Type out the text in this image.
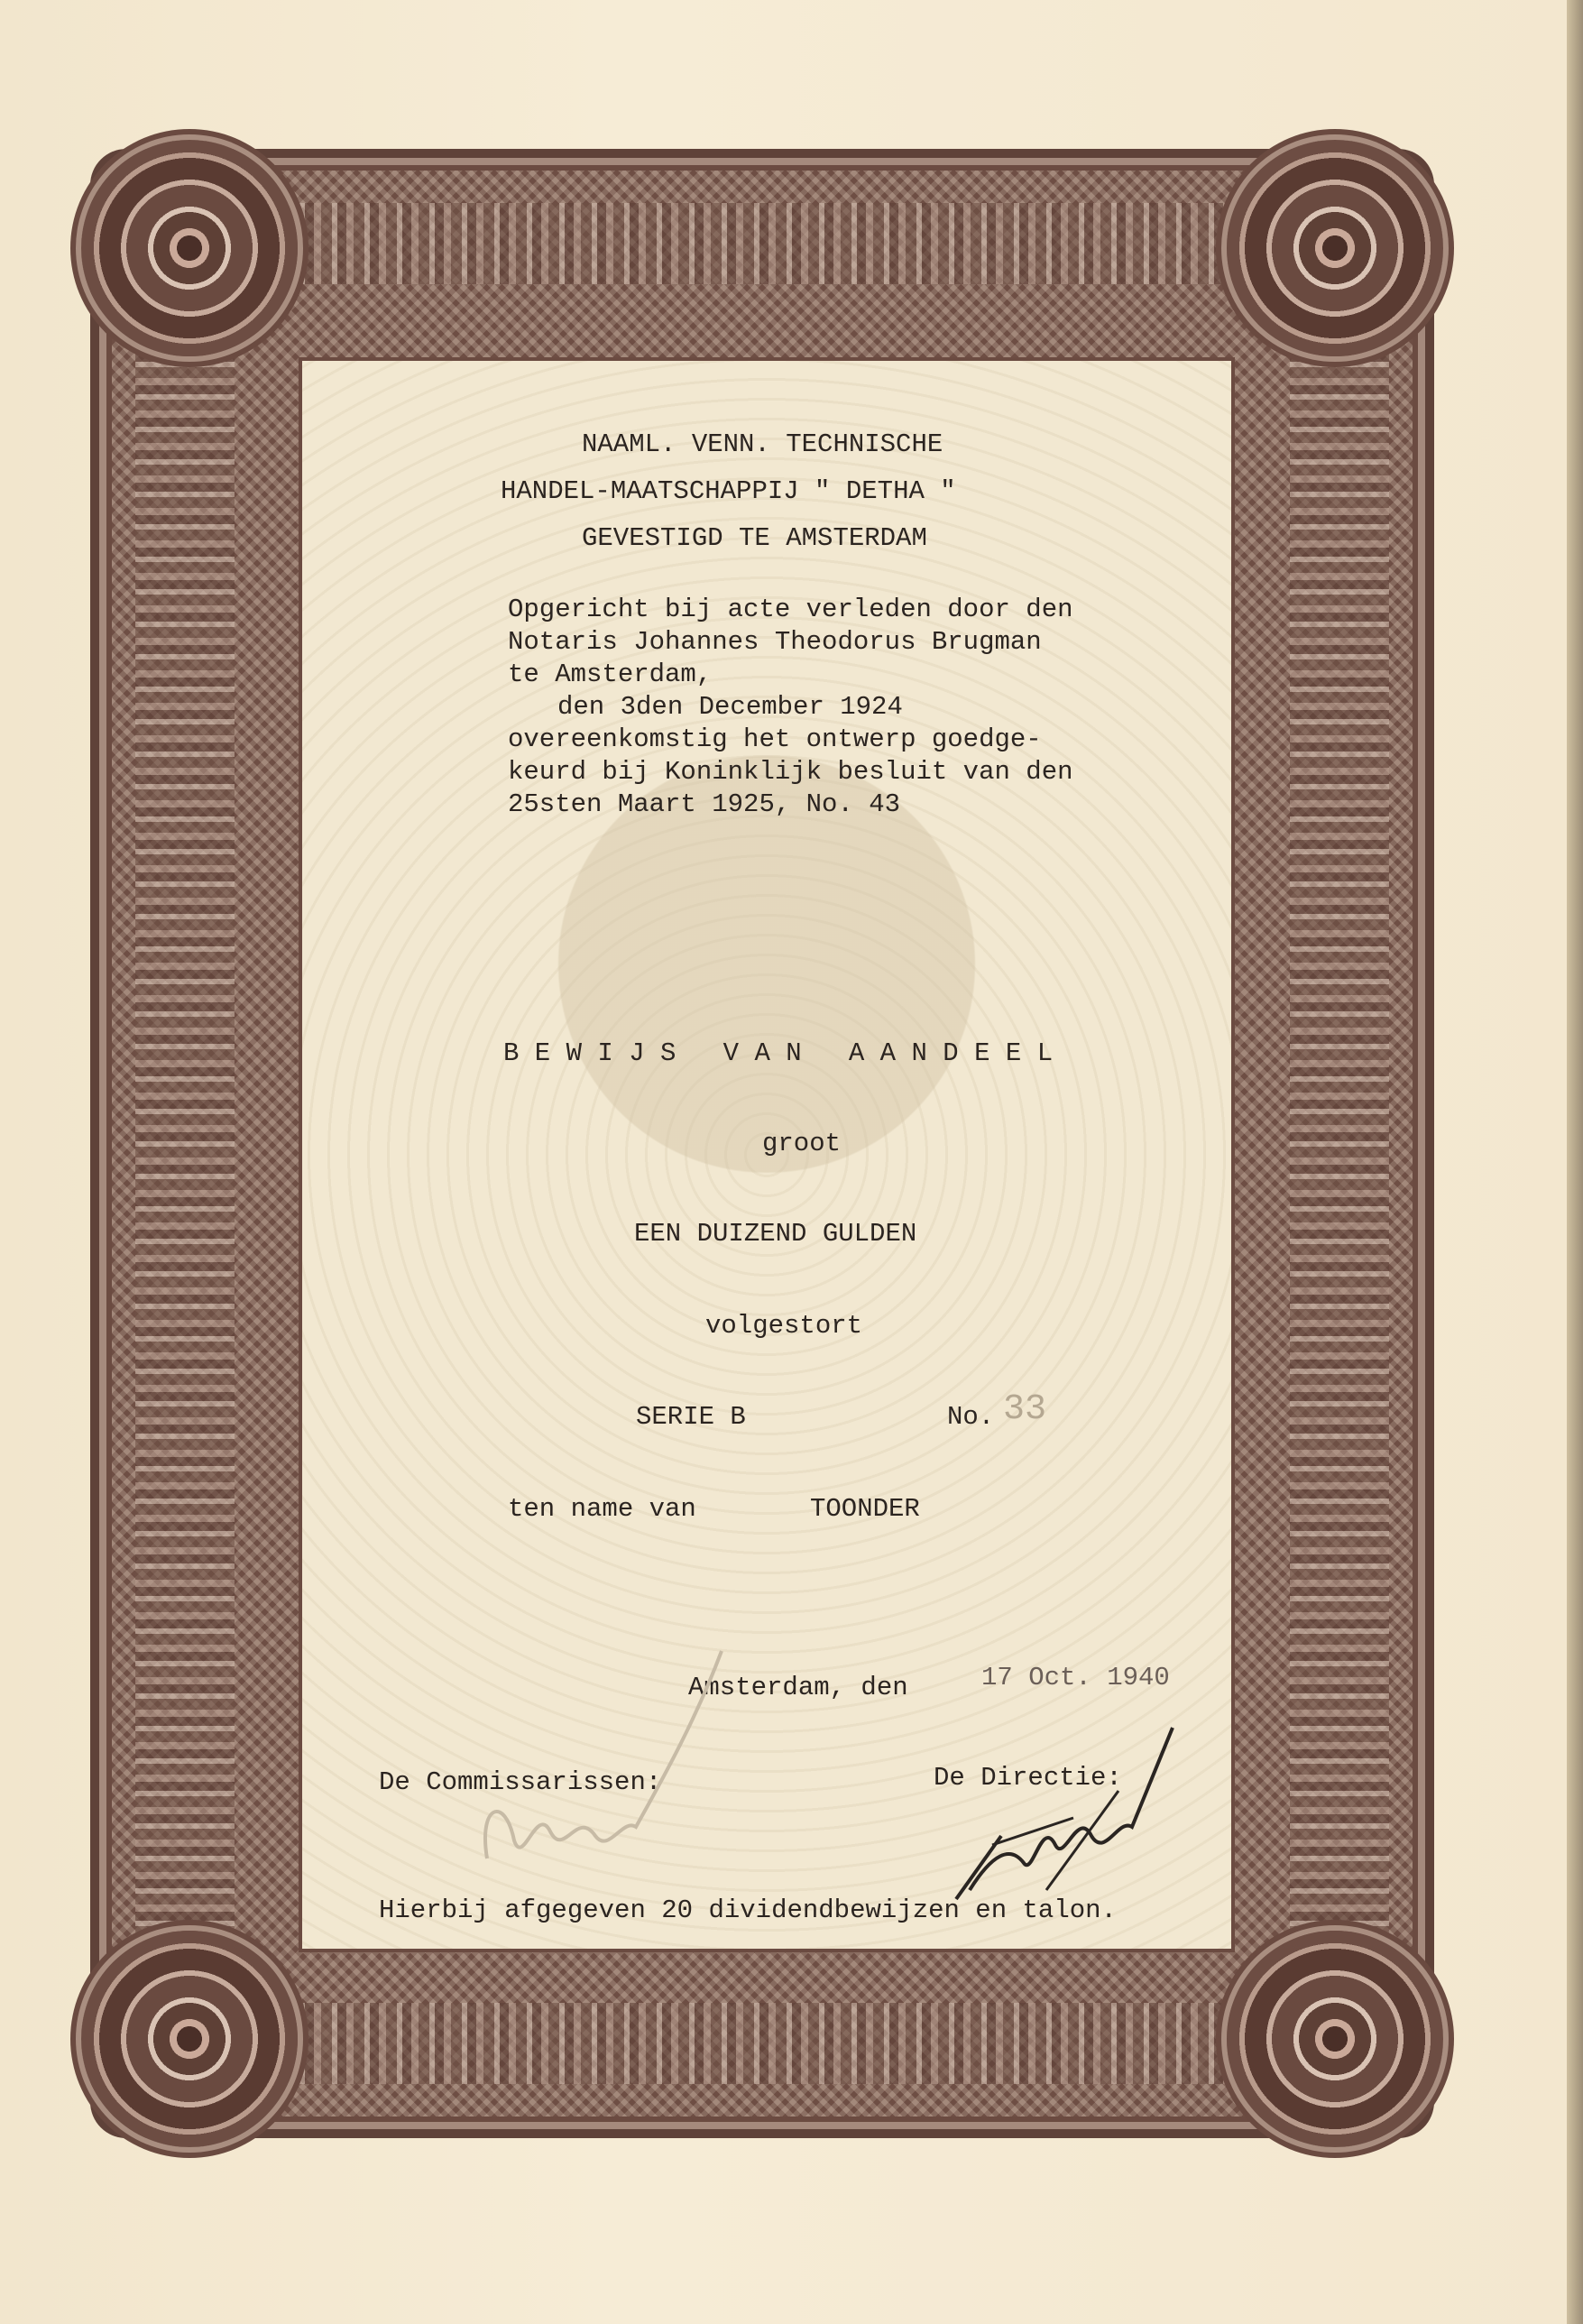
NAAML. VENN. TECHNISCHE
HANDEL-MAATSCHAPPIJ " DETHA "
GEVESTIGD TE AMSTERDAM
Opgericht bij acte verleden door den
Notaris Johannes Theodorus Brugman
te Amsterdam,
den 3den December 1924
overeenkomstig het ontwerp goedge-
keurd bij Koninklijk besluit van den
25sten Maart 1925, No. 43
B E W I J S   V A N   A A N D E E L
groot
EEN DUIZEND GULDEN
volgestort
SERIE B	No. 33
ten name van	TOONDER
Amsterdam, den	17 Oct. 1940
De Commissarissen:	De Directie:
Hierbij afgegeven 20 dividendbewijzen en talon.
